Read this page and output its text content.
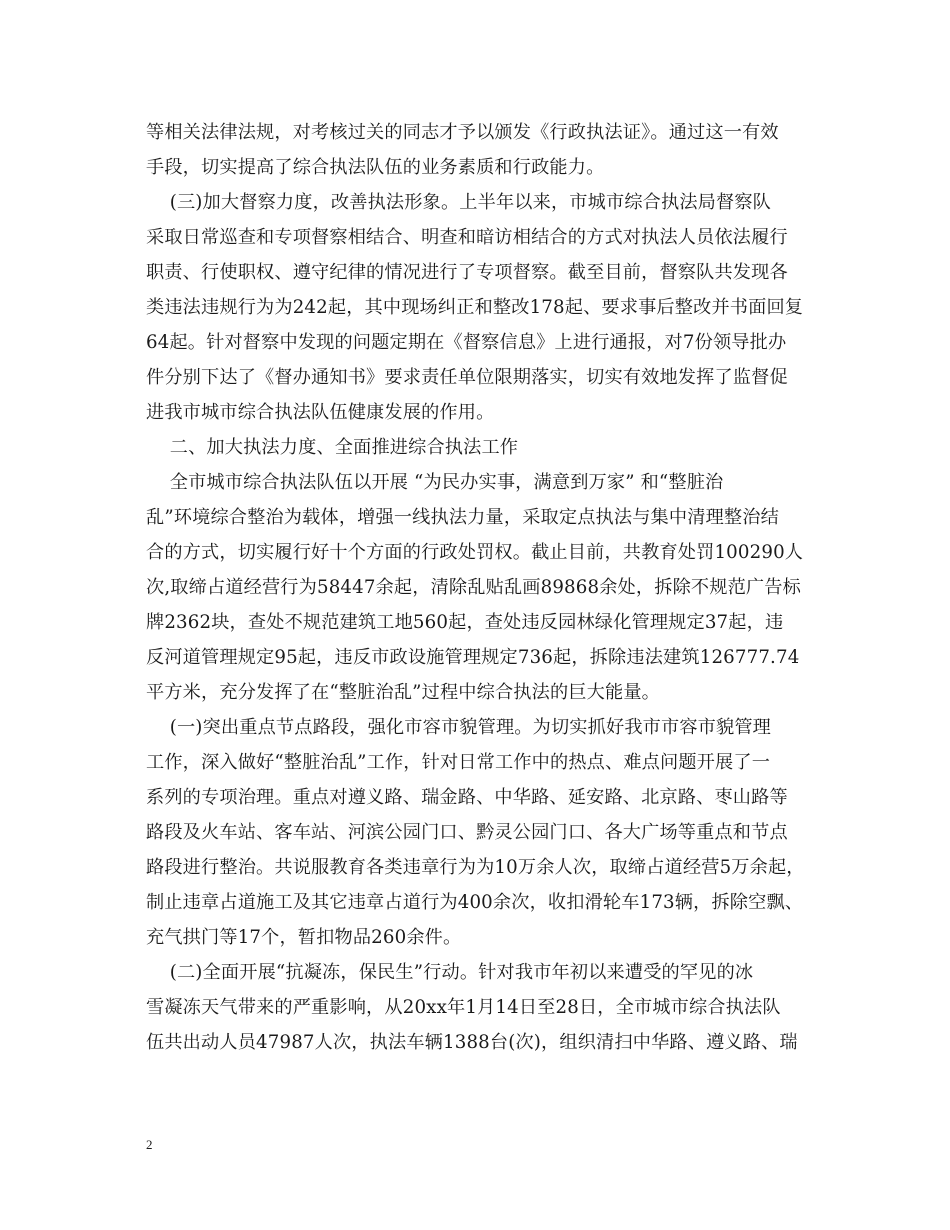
等相关法律法规，对考核过关的同志才予以颁发《行政执法证》。通过这一有效
手段，切实提高了综合执法队伍的业务素质和行政能力。
(三)加大督察力度，改善执法形象。上半年以来，市城市综合执法局督察队
采取日常巡查和专项督察相结合、明查和暗访相结合的方式对执法人员依法履行
职责、行使职权、遵守纪律的情况进行了专项督察。截至目前，督察队共发现各
类违法违规行为为242起，其中现场纠正和整改178起、要求事后整改并书面回复
64起。针对督察中发现的问题定期在《督察信息》上进行通报，对7份领导批办
件分别下达了《督办通知书》要求责任单位限期落实，切实有效地发挥了监督促
进我市城市综合执法队伍健康发展的作用。
二、加大执法力度、全面推进综合执法工作
全市城市综合执法队伍以开展 “为民办实事，满意到万家” 和“整脏治
乱”环境综合整治为载体，增强一线执法力量，采取定点执法与集中清理整治结
合的方式，切实履行好十个方面的行政处罚权。截止目前，共教育处罚100290人
次,取缔占道经营行为58447余起，清除乱贴乱画89868余处，拆除不规范广告标
牌2362块，查处不规范建筑工地560起，查处违反园林绿化管理规定37起，违
反河道管理规定95起，违反市政设施管理规定736起，拆除违法建筑126777.74
平方米，充分发挥了在“整脏治乱”过程中综合执法的巨大能量。
(一)突出重点节点路段，强化市容市貌管理。为切实抓好我市市容市貌管理
工作，深入做好“整脏治乱”工作，针对日常工作中的热点、难点问题开展了一
系列的专项治理。重点对遵义路、瑞金路、中华路、延安路、北京路、枣山路等
路段及火车站、客车站、河滨公园门口、黔灵公园门口、各大广场等重点和节点
路段进行整治。共说服教育各类违章行为为10万余人次，取缔占道经营5万余起，
制止违章占道施工及其它违章占道行为400余次，收扣滑轮车173辆，拆除空飘、
充气拱门等17个，暂扣物品260余件。
(二)全面开展“抗凝冻，保民生”行动。针对我市年初以来遭受的罕见的冰
雪凝冻天气带来的严重影响，从20xx年1月14日至28日，全市城市综合执法队
伍共出动人员47987人次，执法车辆1388台(次)，组织清扫中华路、遵义路、瑞
2
